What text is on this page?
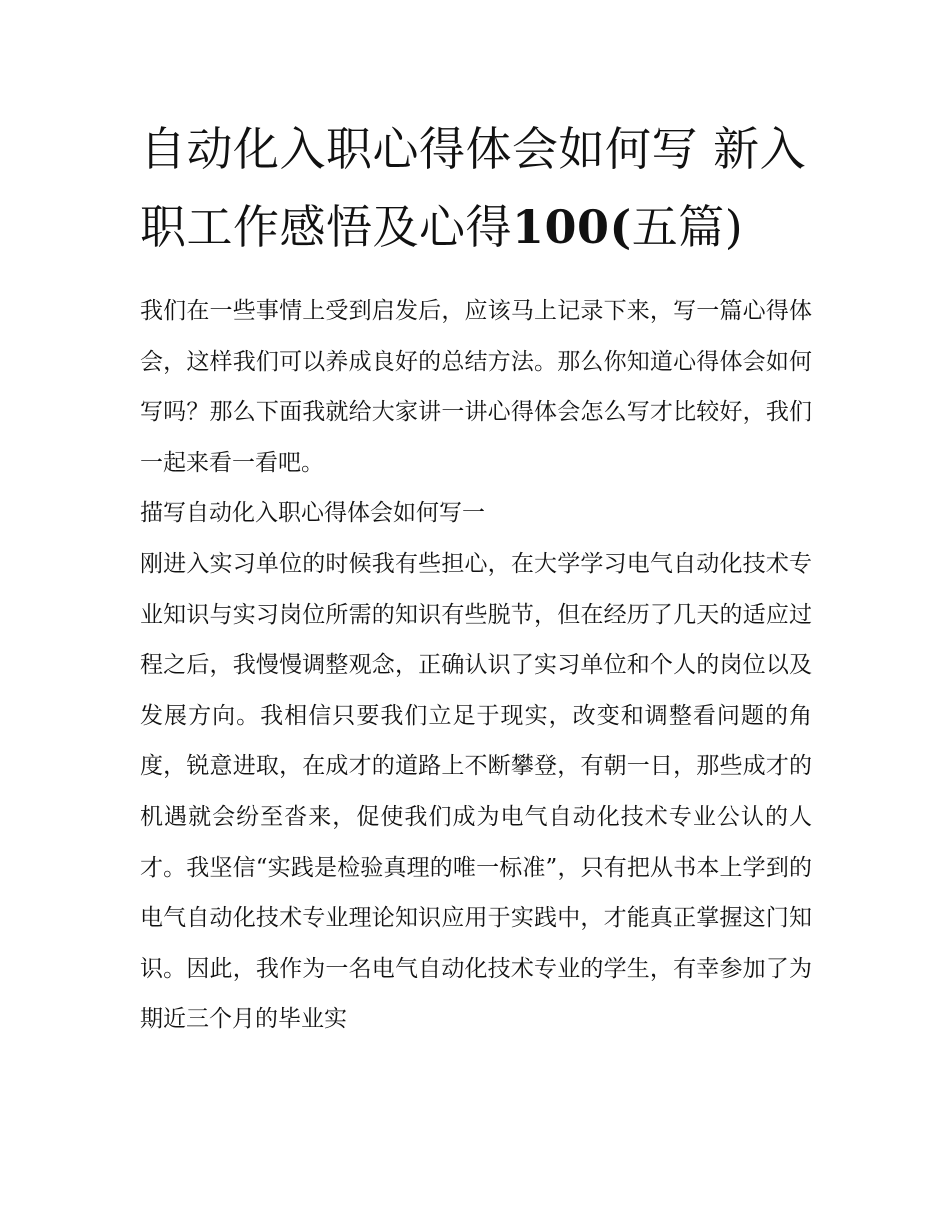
自动化入职心得体会如何写 新入职工作感悟及心得100(五篇)

我们在一些事情上受到启发后，应该马上记录下来，写一篇心得体会，这样我们可以养成良好的总结方法。那么你知道心得体会如何写吗？那么下面我就给大家讲一讲心得体会怎么写才比较好，我们一起来看一看吧。

描写自动化入职心得体会如何写一

刚进入实习单位的时候我有些担心，在大学学习电气自动化技术专业知识与实习岗位所需的知识有些脱节，但在经历了几天的适应过程之后，我慢慢调整观念，正确认识了实习单位和个人的岗位以及发展方向。我相信只要我们立足于现实，改变和调整看问题的角度，锐意进取，在成才的道路上不断攀登，有朝一日，那些成才的机遇就会纷至沓来，促使我们成为电气自动化技术专业公认的人才。我坚信“实践是检验真理的唯一标准”，只有把从书本上学到的电气自动化技术专业理论知识应用于实践中，才能真正掌握这门知识。因此，我作为一名电气自动化技术专业的学生，有幸参加了为期近三个月的毕业实
